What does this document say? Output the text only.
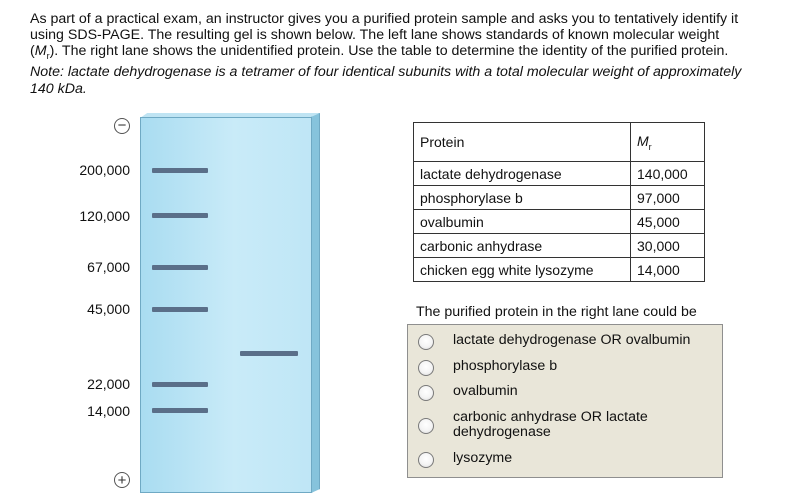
As part of a practical exam, an instructor gives you a purified protein sample and asks you to tentatively identify it using SDS-PAGE. The resulting gel is shown below. The left lane shows standards of known molecular weight $(M_r)$. The right lane shows the unidentified protein. Use the table to determine the identity of the purified protein. Note: lactate dehydrogenase is a tetramer of four identical subunits with a total molecular weight of approximately 140 kDa.

−
+
200,000
120,000
67,000
45,000
22,000
14,000
Protein	$M_r$
lactate dehydrogenase	140,000
phosphorylase b	97,000
ovalbumin	45,000
carbonic anhydrase	30,000
chicken egg white lysozyme	14,000
The purified protein in the right lane could be
lactate dehydrogenase OR ovalbumin
phosphorylase b
ovalbumin
carbonic anhydrase OR lactate dehydrogenase
lysozyme
